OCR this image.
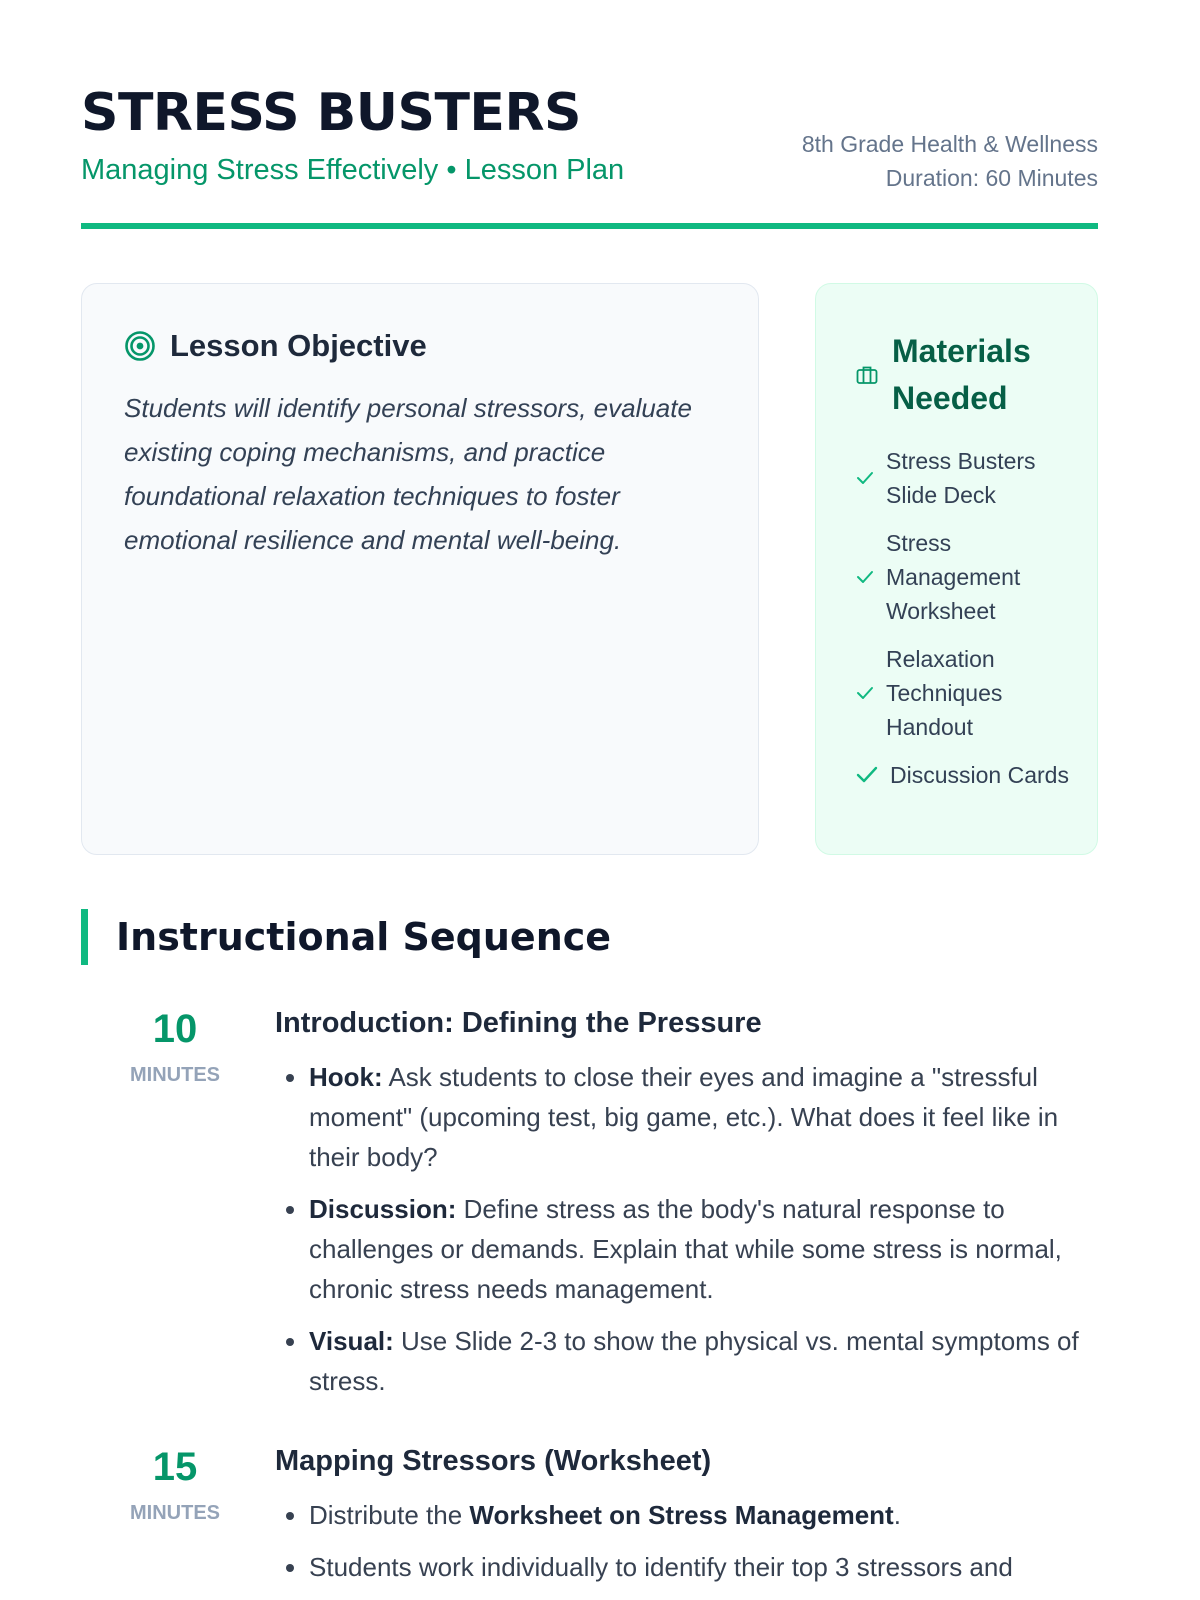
STRESS BUSTERS
Managing Stress Effectively • Lesson Plan
8th Grade Health & Wellness
Duration: 60 Minutes
Lesson Objective
Students will identify personal stressors, evaluate existing coping mechanisms, and practice foundational relaxation techniques to foster emotional resilience and mental well-being.
Materials Needed
Stress Busters Slide Deck
Stress Management Worksheet
Relaxation Techniques Handout
Discussion Cards
Instructional Sequence
10
MINUTES
Introduction: Defining the Pressure
• Hook: Ask students to close their eyes and imagine a "stressful moment" (upcoming test, big game, etc.). What does it feel like in their body?
• Discussion: Define stress as the body's natural response to challenges or demands. Explain that while some stress is normal, chronic stress needs management.
• Visual: Use Slide 2-3 to show the physical vs. mental symptoms of stress.
15
MINUTES
Mapping Stressors (Worksheet)
• Distribute the Worksheet on Stress Management.
• Students work individually to identify their top 3 stressors and
